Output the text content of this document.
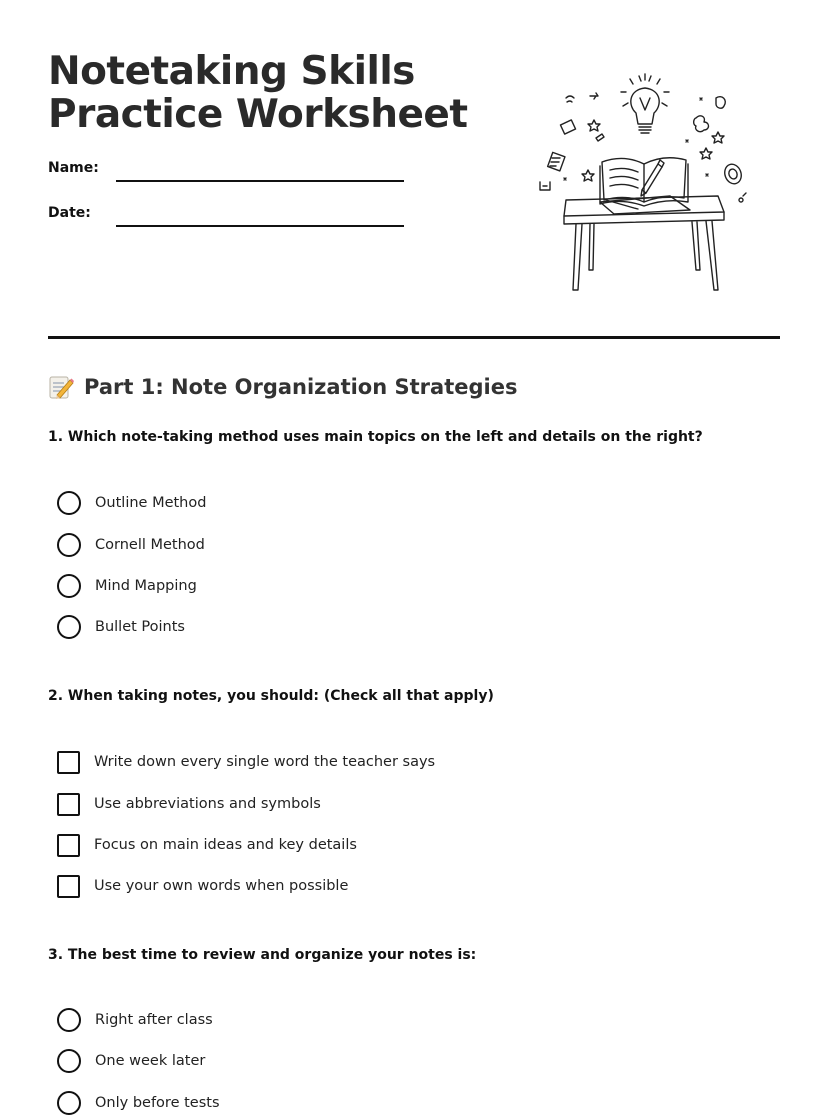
Notetaking Skills
Practice Worksheet
Name:
Date:
Part 1: Note Organization Strategies
1. Which note-taking method uses main topics on the left and details on the right?
Outline Method
Cornell Method
Mind Mapping
Bullet Points
2. When taking notes, you should: (Check all that apply)
Write down every single word the teacher says
Use abbreviations and symbols
Focus on main ideas and key details
Use your own words when possible
3. The best time to review and organize your notes is:
Right after class
One week later
Only before tests
